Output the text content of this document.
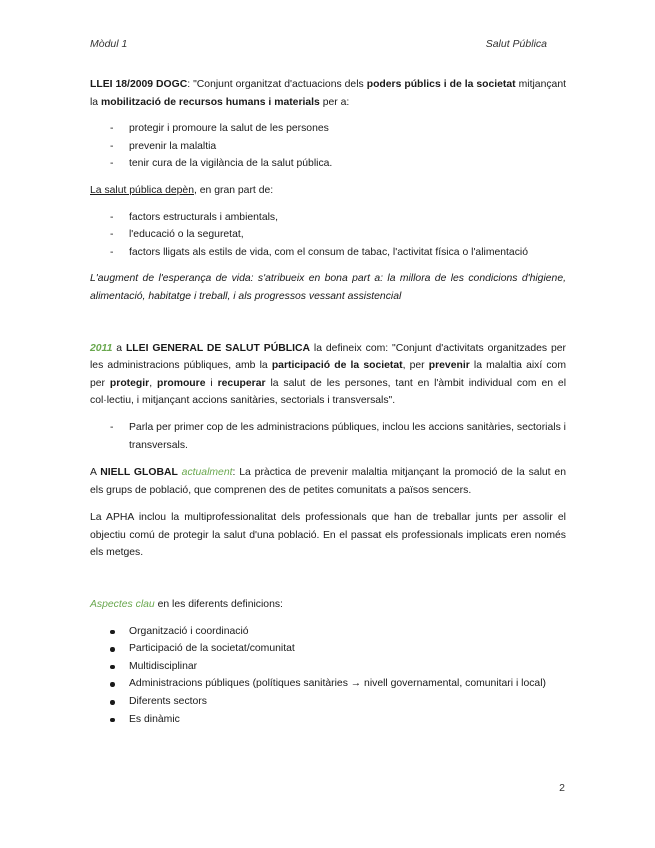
Mòdul 1	Salut Pública

LLEI 18/2009 DOGC: "Conjunt organitzat d'actuacions dels poders públics i de la societat mitjançant la mobilització de recursos humans i materials per a:

- protegir i promoure la salut de les persones
- prevenir la malaltia
- tenir cura de la vigilància de la salut pública.

La salut pública depèn, en gran part de:

- factors estructurals i ambientals,
- l'educació o la seguretat,
- factors lligats als estils de vida, com el consum de tabac, l'activitat física o l'alimentació

L'augment de l'esperança de vida: s'atribueix en bona part a: la millora de les condicions d'higiene, alimentació, habitatge i treball, i als progressos vessant assistencial

2011 a LLEI GENERAL DE SALUT PÚBLICA la defineix com: "Conjunt d'activitats organitzades per les administracions públiques, amb la participació de la societat, per prevenir la malaltia així com per protegir, promoure i recuperar la salut de les persones, tant en l'àmbit individual com en el col·lectiu, i mitjançant accions sanitàries, sectorials i transversals".

- Parla per primer cop de les administracions públiques, inclou les accions sanitàries, sectorials i transversals.

A NIELL GLOBAL actualment: La pràctica de prevenir malaltia mitjançant la promoció de la salut en els grups de població, que comprenen des de petites comunitats a països sencers.

La APHA inclou la multiprofessionalitat dels professionals que han de treballar junts per assolir el objectiu comú de protegir la salut d'una població. En el passat els professionals implicats eren només els metges.

Aspectes clau en les diferents definicions:

Organització i coordinació
Participació de la societat/comunitat
Multidisciplinar
Administracions públiques (polítiques sanitàries → nivell governamental, comunitari i local)
Diferents sectors
Es dinàmic
2
